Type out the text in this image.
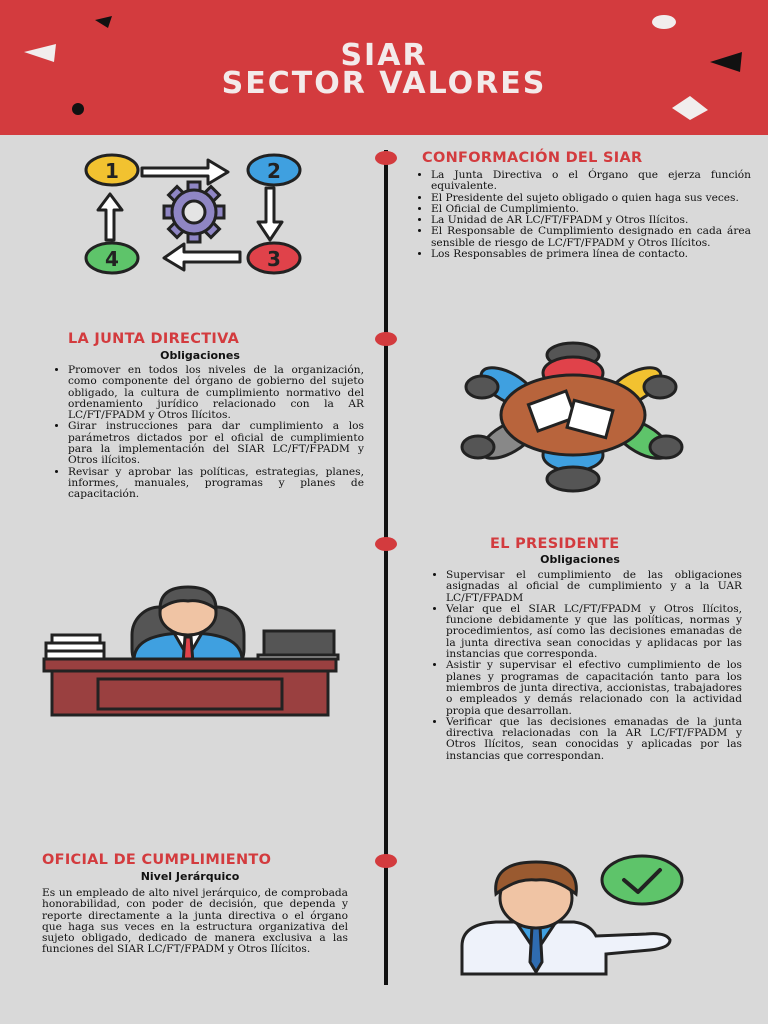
SIAR
SECTOR VALORES
1	2
3
4
CONFORMACIÓN DEL SIAR
• La Junta Directiva o el Órgano que ejerza función equivalente.
• El Presidente del sujeto obligado o quien haga sus veces.
• El Oficial de Cumplimiento.
• La Unidad de AR LC/FT/FPADM y Otros Ilícitos.
• El Responsable de Cumplimiento designado en cada área sensible de riesgo de LC/FT/FPADM y Otros Ilícitos.
• Los Responsables de primera línea de contacto.
LA JUNTA DIRECTIVA
Obligaciones
• Promover en todos los niveles de la organización, como componente del órgano de gobierno del sujeto obligado, la cultura de cumplimiento normativo del ordenamiento jurídico relacionado con la AR LC/FT/FPADM y Otros Ilícitos.
• Girar instrucciones para dar cumplimiento a los parámetros dictados por el oficial de cumplimiento para la implementación del SIAR LC/FT/FPADM y Otros ilícitos.
• Revisar y aprobar las políticas, estrategias, planes, informes, manuales, programas y planes de capacitación.
EL PRESIDENTE
Obligaciones
• Supervisar el cumplimiento de las obligaciones asignadas al oficial de cumplimiento y a la UAR LC/FT/FPADM
• Velar que el SIAR LC/FT/FPADM y Otros Ilícitos, funcione debidamente y que las políticas, normas y procedimientos, así como las decisiones emanadas de la junta directiva sean conocidas y aplidacas por las instancias que corresponda.
• Asistir y supervisar el efectivo cumplimiento de los planes y programas de capacitación tanto para los miembros de junta directiva, accionistas, trabajadores o empleados y demás relacionado con la actividad propia que desarrollan.
• Verificar que las decisiones emanadas de la junta directiva relacionadas con la AR LC/FT/FPADM y Otros Ilícitos, sean conocidas y aplicadas por las instancias que correspondan.
OFICIAL DE CUMPLIMIENTO
Nivel Jerárquico

Es un empleado de alto nivel jerárquico, de comprobada honorabilidad, con poder de decisión, que dependa y reporte directamente a la junta directiva o el órgano que haga sus veces en la estructura organizativa del sujeto obligado, dedicado de manera exclusiva a las funciones del SIAR LC/FT/FPADM y Otros Ilícitos.
